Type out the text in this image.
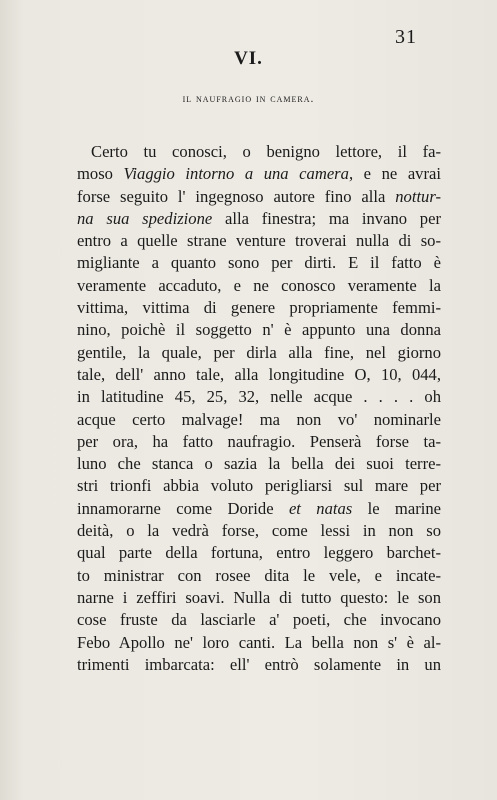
31
VI.
il naufragio in camera.

Certo tu conosci, o benigno lettore, il fa-
moso Viaggio intorno a una camera, e ne avrai
forse seguito l' ingegnoso autore fino alla nottur-
na sua spedizione alla finestra; ma invano per
entro a quelle strane venture troverai nulla di so-
migliante a quanto sono per dirti. E il fatto è
veramente accaduto, e ne conosco veramente la
vittima, vittima di genere propriamente femmi-
nino, poichè il soggetto n' è appunto una donna
gentile, la quale, per dirla alla fine, nel giorno
tale, dell' anno tale, alla longitudine O, 10, 044,
in latitudine 45, 25, 32, nelle acque . . . . oh
acque certo malvage! ma non vo' nominarle
per ora, ha fatto naufragio. Penserà forse ta-
luno che stanca o sazia la bella dei suoi terre-
stri trionfi abbia voluto perigliarsi sul mare per
innamorarne come Doride et natas le marine
deità, o la vedrà forse, come lessi in non so
qual parte della fortuna, entro leggero barchet-
to ministrar con rosee dita le vele, e incate-
narne i zeffiri soavi. Nulla di tutto questo: le son
cose fruste da lasciarle a' poeti, che invocano
Febo Apollo ne' loro canti. La bella non s' è al-
trimenti imbarcata: ell' entrò solamente in un
